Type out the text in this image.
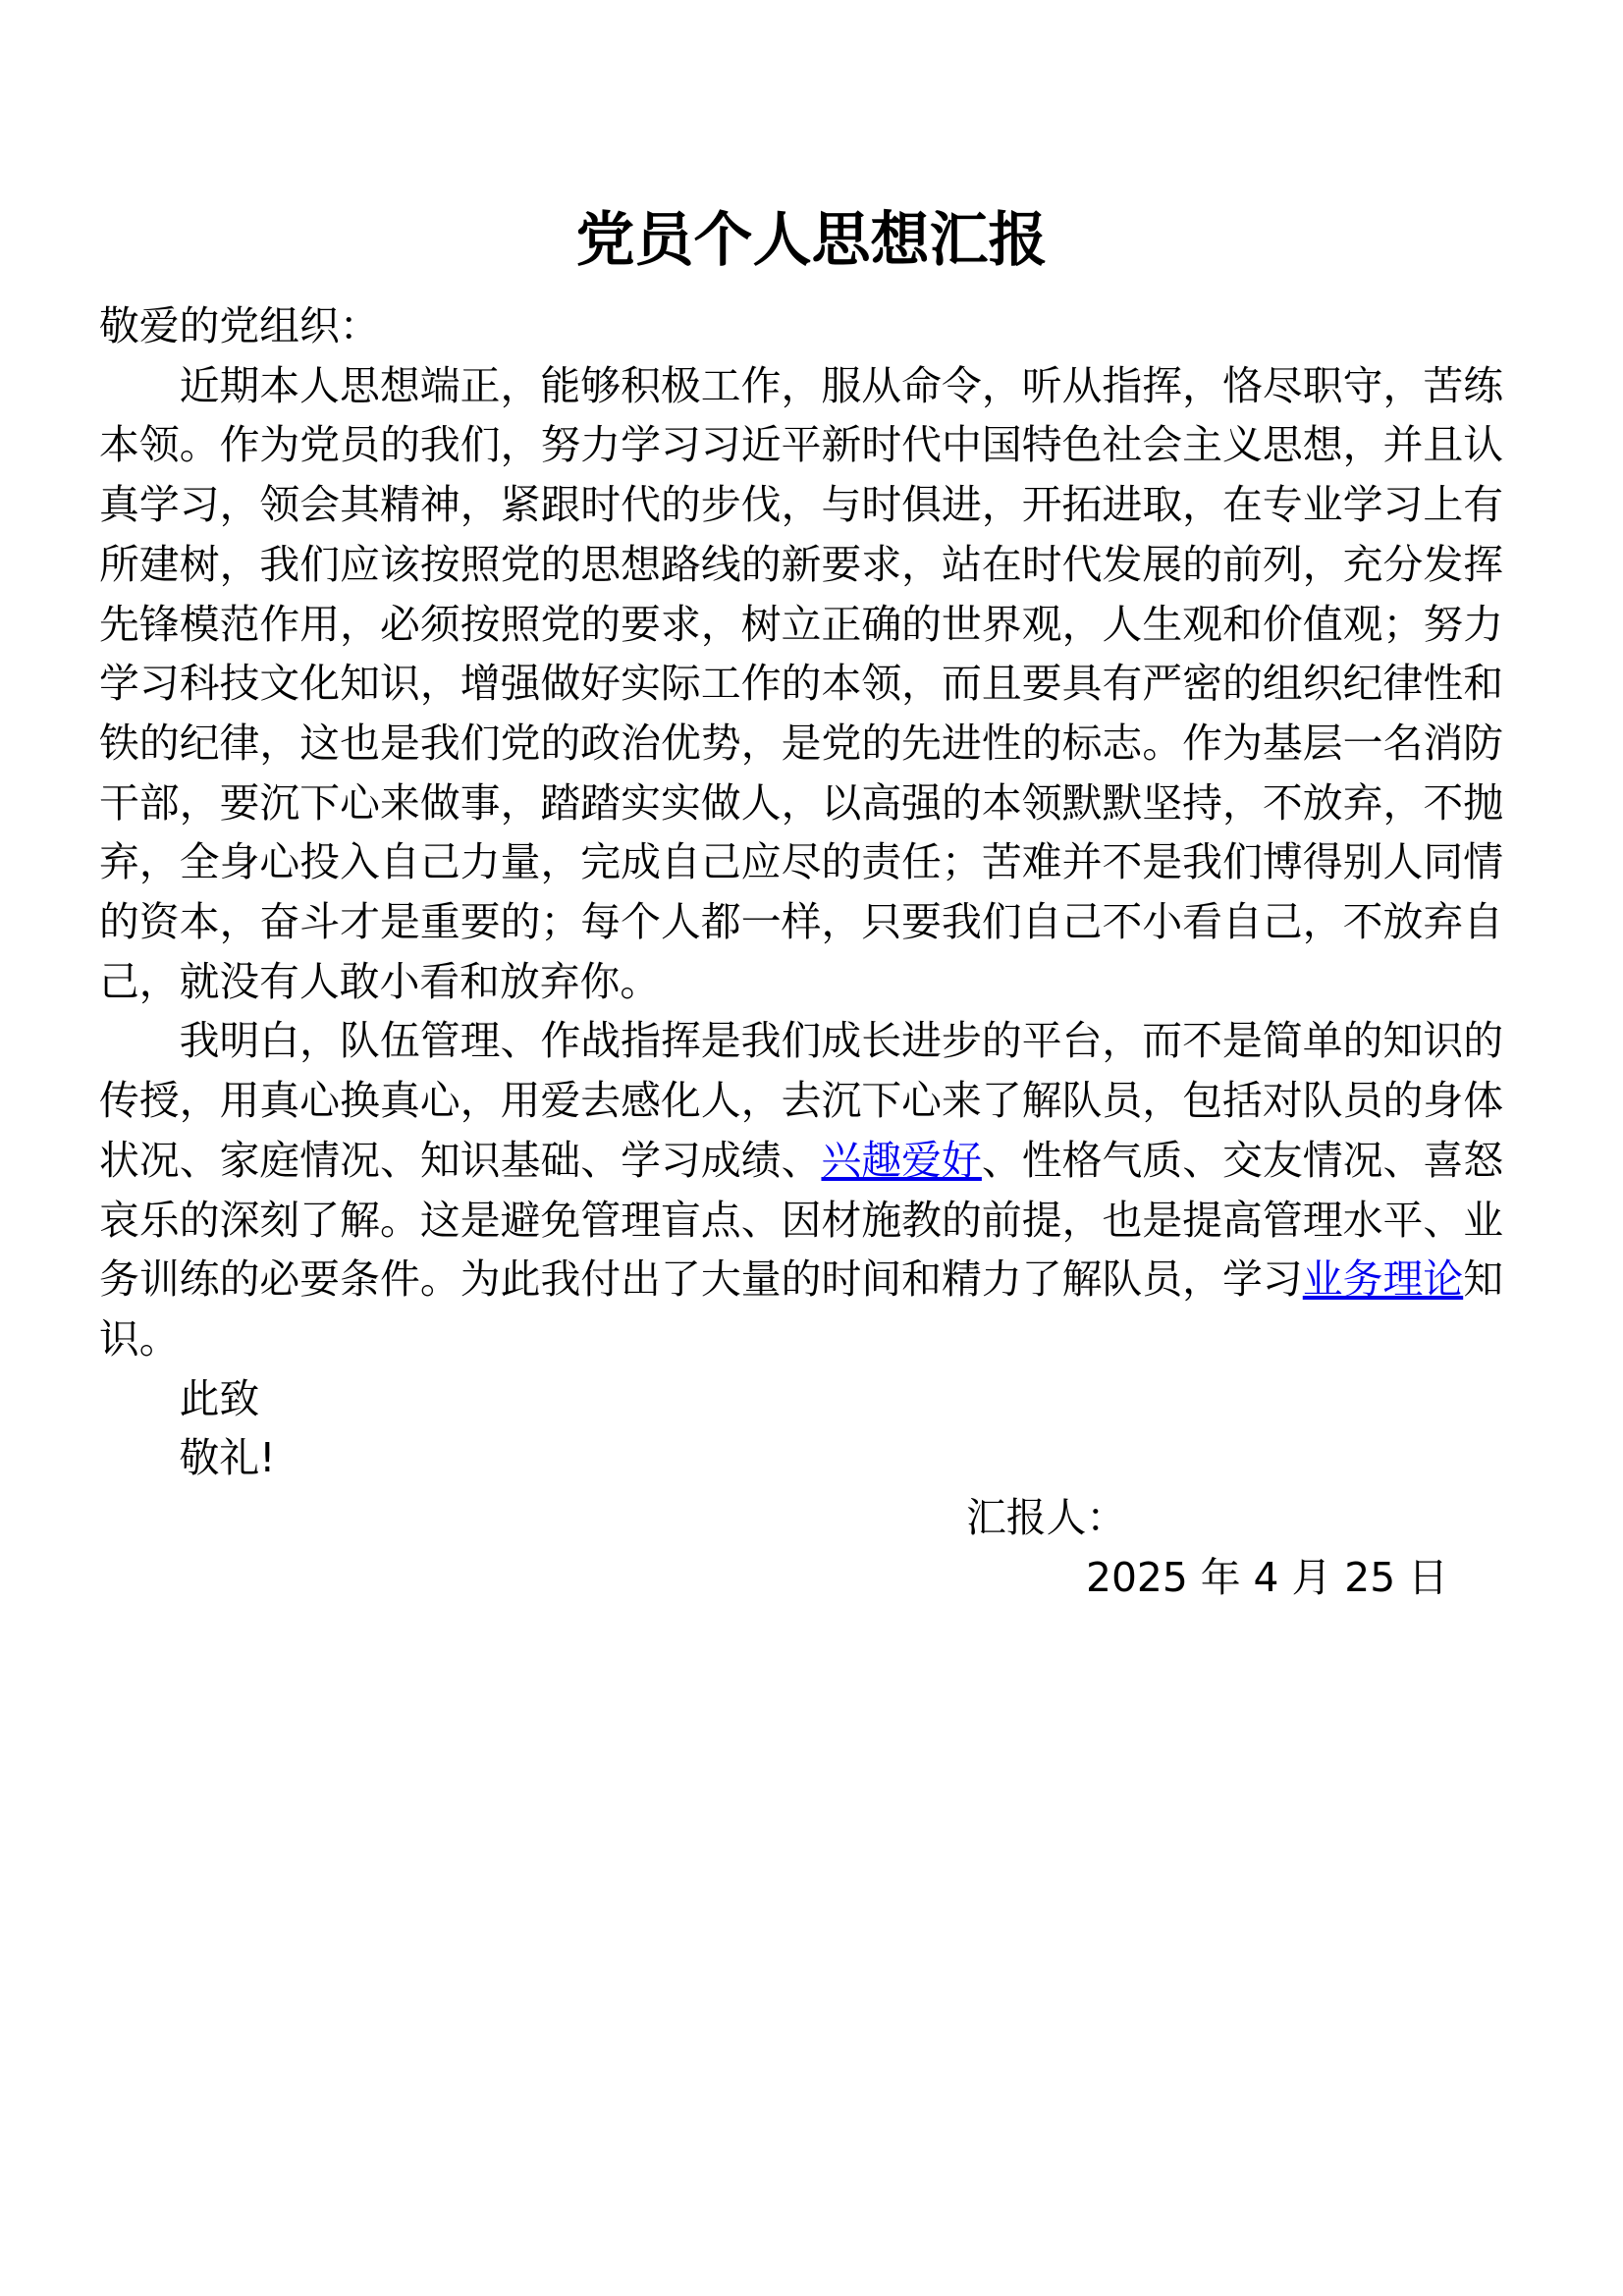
党员个人思想汇报

敬爱的党组织：

近期本人思想端正，能够积极工作，服从命令，听从指挥，恪尽职守，苦练本领。作为党员的我们，努力学习习近平新时代中国特色社会主义思想，并且认真学习，领会其精神，紧跟时代的步伐，与时俱进，开拓进取，在专业学习上有所建树，我们应该按照党的思想路线的新要求，站在时代发展的前列，充分发挥先锋模范作用，必须按照党的要求，树立正确的世界观，人生观和价值观；努力学习科技文化知识，增强做好实际工作的本领，而且要具有严密的组织纪律性和铁的纪律，这也是我们党的政治优势，是党的先进性的标志。作为基层一名消防干部，要沉下心来做事，踏踏实实做人，以高强的本领默默坚持，不放弃，不抛弃，全身心投入自己力量，完成自己应尽的责任；苦难并不是我们博得别人同情的资本，奋斗才是重要的；每个人都一样，只要我们自己不小看自己，不放弃自己，就没有人敢小看和放弃你。

我明白，队伍管理、作战指挥是我们成长进步的平台，而不是简单的知识的传授，用真心换真心，用爱去感化人，去沉下心来了解队员，包括对队员的身体状况、家庭情况、知识基础、学习成绩、兴趣爱好、性格气质、交友情况、喜怒哀乐的深刻了解。这是避免管理盲点、因材施教的前提，也是提高管理水平、业务训练的必要条件。为此我付出了大量的时间和精力了解队员，学习业务理论知识。

此致

敬礼!

汇报人：

2025 年 4 月 25 日
